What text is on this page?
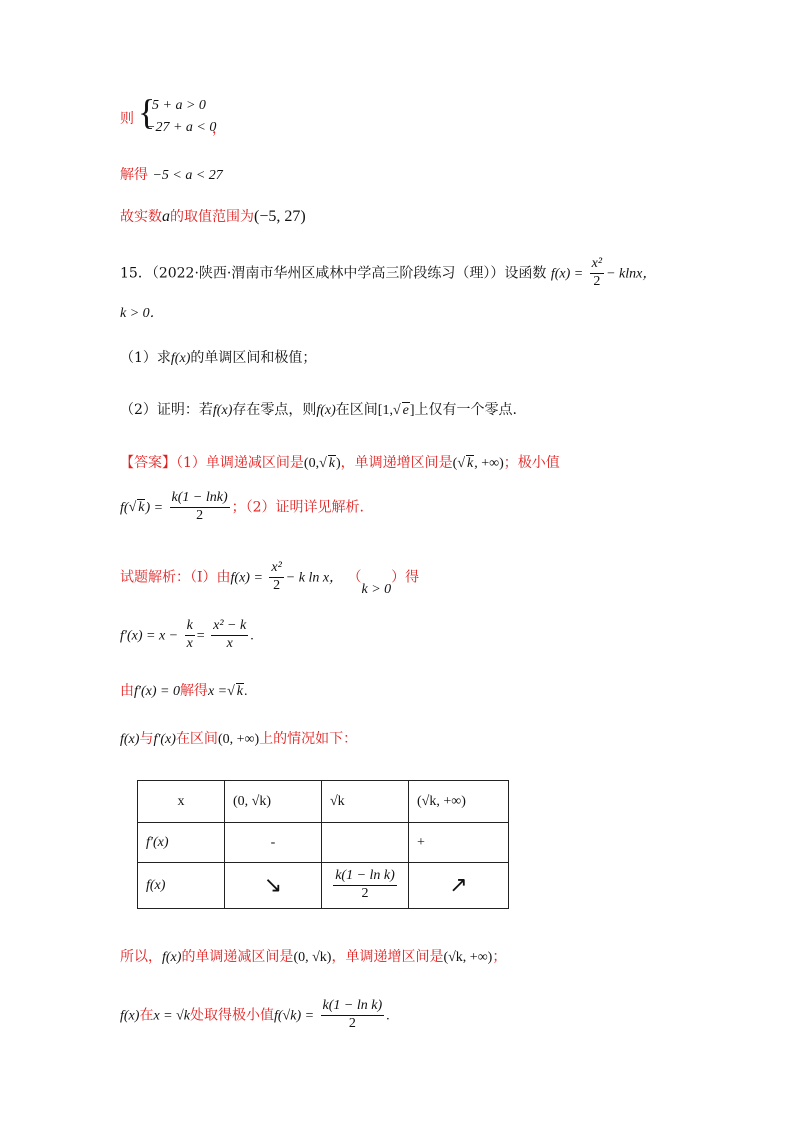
则 {
5 + a > 0
−27 + a < 0
，
解得 −5 < a < 27
故实数a的取值范围为(−5, 27)
15．（2022·陕西·渭南市华州区咸林中学高三阶段练习（理））设函数 $f(x) = \frac{\text{x²}}{2} - klnx$，
k > 0．
（1）求f(x)的单调区间和极值；
（2）证明：若f(x)存在零点，则f(x)在区间[1, √ e]上仅有一个零点.
【答案】（1）单调递减区间是(0, √ k)，单调递增区间是( √ k, +∞)；极小值
f( √ $k) = \frac{k(1 - \ln k)}{2}$ ；（2）证明详见解析.
试题解析：（Ⅰ）由$f(x) = \frac{\text{x²}}{2} - k$ ln x， （k > 0）得
$f'(x) = x - \frac{k}{x} = \frac{\text{x² − k}}{x}$ .
由f′(x) = 0解得x = √ k.
f(x)与f′(x)在区间(0, +∞)上的情况如下：
x	(0, √k)	√k	(√k, +∞)
f′(x)	-		+
f(x)	↘	$\frac{\text{k(1 − ln k)}}{2}$	↗
所以，f(x)的单调递减区间是(0, √k)，单调递增区间是(√k, +∞)；
f(x)在x = √k处取得极小值$f(√k) = \frac{\text{k(1 − ln k)}}{2}$ .
